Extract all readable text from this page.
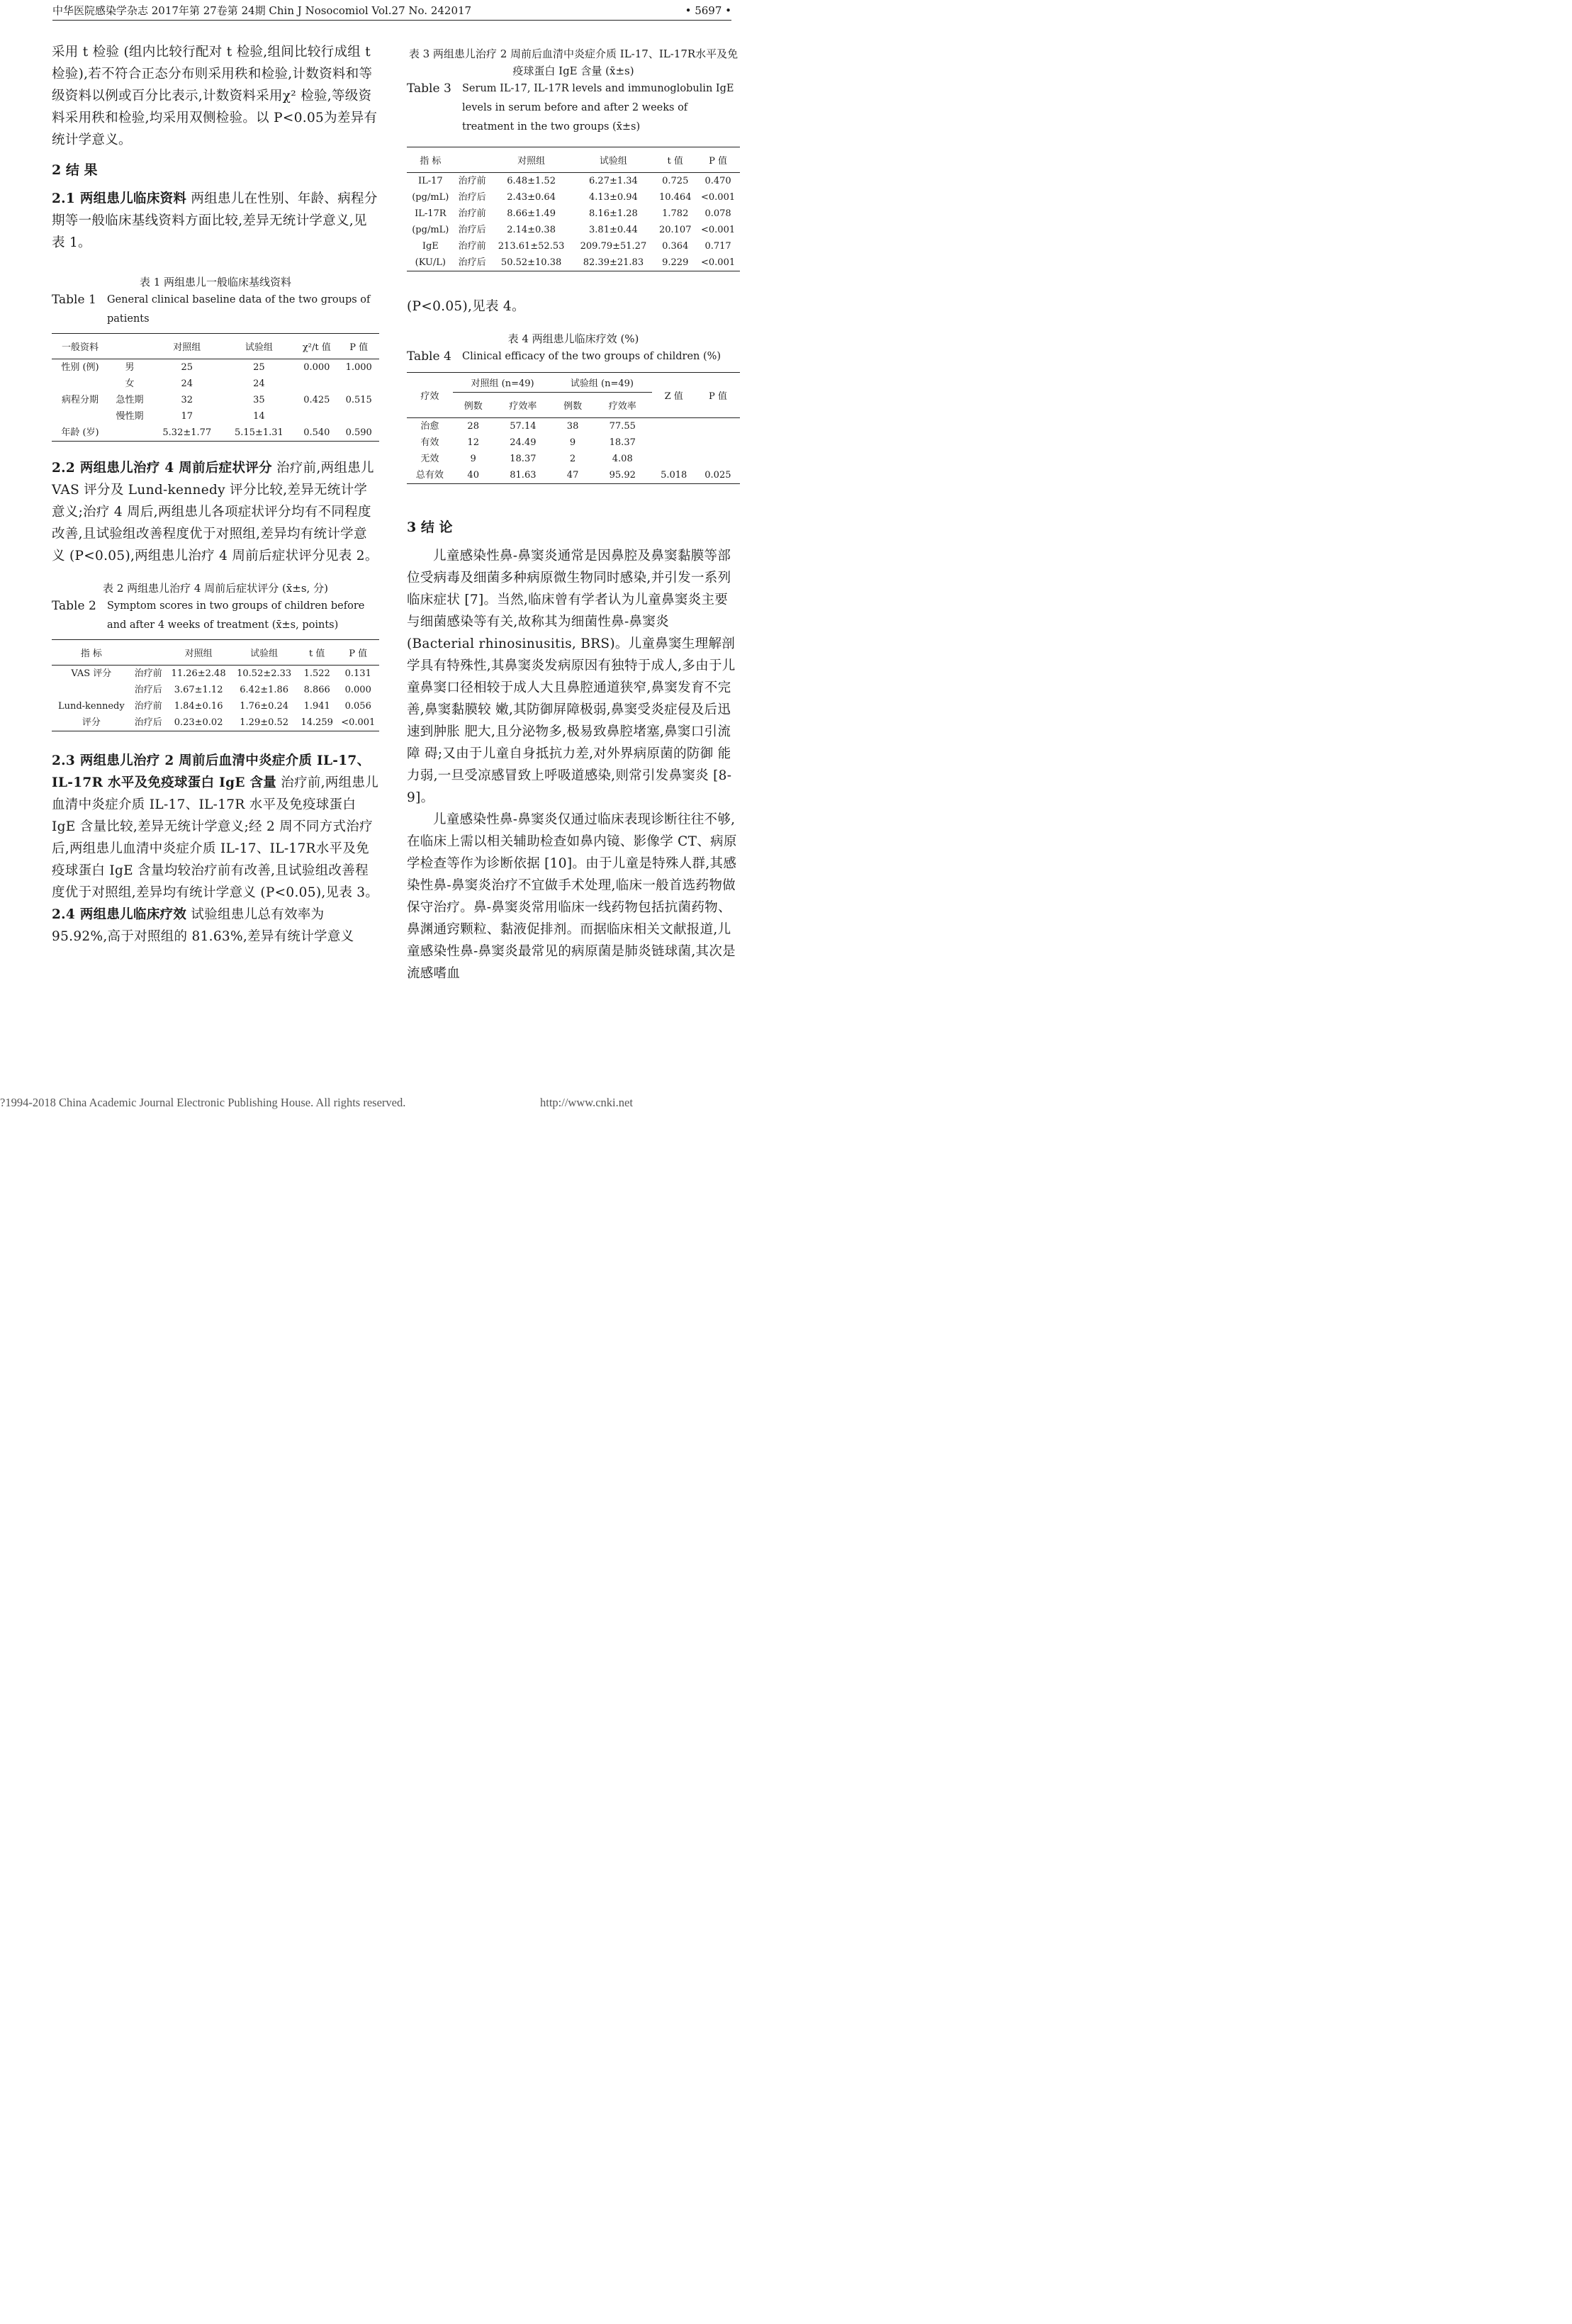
中华医院感染学杂志 2017年第 27卷第 24期 Chin J Nosocomiol Vol.27 No. 242017	• 5697 •

采用 t 检验 (组内比较行配对 t 检验,组间比较行成组 t 检验),若不符合正态分布则采用秩和检验,计数资料和等级资料以例或百分比表示,计数资料采用χ² 检验,等级资料采用秩和检验,均采用双侧检验。以 P<0.05为差异有统计学意义。

2 结 果

2.1 两组患儿临床资料 两组患儿在性别、年龄、病程分期等一般临床基线资料方面比较,差异无统计学意义,见表 1。

表 1 两组患儿一般临床基线资料
Table 1 General clinical baseline data of the two groups of patients
一般资料		对照组	试验组	χ²/t 值	P 值
性别 (例)	男	25	25	0.000	1.000
	女	24	24		
病程分期	急性期	32	35	0.425	0.515
	慢性期	17	14		
年龄 (岁)		5.32±1.77	5.15±1.31	0.540	0.590

2.2 两组患儿治疗 4 周前后症状评分 治疗前,两组患儿 VAS 评分及 Lund-kennedy 评分比较,差异无统计学意义;治疗 4 周后,两组患儿各项症状评分均有不同程度改善,且试验组改善程度优于对照组,差异均有统计学意义 (P<0.05),两组患儿治疗 4 周前后症状评分见表 2。

表 2 两组患儿治疗 4 周前后症状评分 (x̄±s, 分)
Table 2 Symptom scores in two groups of children before and after 4 weeks of treatment (x̄±s, points)
指 标		对照组	试验组	t 值	P 值
VAS 评分	治疗前	11.26±2.48	10.52±2.33	1.522	0.131
	治疗后	3.67±1.12	6.42±1.86	8.866	0.000
Lund-kennedy	治疗前	1.84±0.16	1.76±0.24	1.941	0.056
评分	治疗后	0.23±0.02	1.29±0.52	14.259	<0.001

2.3 两组患儿治疗 2 周前后血清中炎症介质 IL-17、IL-17R 水平及免疫球蛋白 IgE 含量 治疗前,两组患儿血清中炎症介质 IL-17、IL-17R 水平及免疫球蛋白 IgE 含量比较,差异无统计学意义;经 2 周不同方式治疗后,两组患儿血清中炎症介质 IL-17、IL-17R水平及免疫球蛋白 IgE 含量均较治疗前有改善,且试验组改善程度优于对照组,差异均有统计学意义 (P<0.05),见表 3。

2.4 两组患儿临床疗效 试验组患儿总有效率为 95.92%,高于对照组的 81.63%,差异有统计学意义

表 3 两组患儿治疗 2 周前后血清中炎症介质 IL-17、IL-17R水平及免疫球蛋白 IgE 含量 (x̄±s)
Table 3 Serum IL-17, IL-17R levels and immunoglobulin IgE levels in serum before and after 2 weeks of treatment in the two groups (x̄±s)
指 标		对照组	试验组	t 值	P 值
IL-17	治疗前	6.48±1.52	6.27±1.34	0.725	0.470
(pg/mL)	治疗后	2.43±0.64	4.13±0.94	10.464	<0.001
IL-17R	治疗前	8.66±1.49	8.16±1.28	1.782	0.078
(pg/mL)	治疗后	2.14±0.38	3.81±0.44	20.107	<0.001
IgE	治疗前	213.61±52.53	209.79±51.27	0.364	0.717
(KU/L)	治疗后	50.52±10.38	82.39±21.83	9.229	<0.001

(P<0.05),见表 4。

表 4 两组患儿临床疗效 (%)
Table 4 Clinical efficacy of the two groups of children (%)
疗效	对照组 (n=49)		试验组 (n=49)		Z 值	P 值
	例数	疗效率	例数	疗效率		
治愈	28	57.14	38	77.55		
有效	12	24.49	9	18.37		
无效	9	18.37	2	4.08		
总有效	40	81.63	47	95.92	5.018	0.025
3 结 论

儿童感染性鼻-鼻窦炎通常是因鼻腔及鼻窦黏膜等部位受病毒及细菌多种病原微生物同时感染,并引发一系列临床症状 [7]。当然,临床曾有学者认为儿童鼻窦炎主要与细菌感染等有关,故称其为细菌性鼻-鼻窦炎 (Bacterial rhinosinusitis, BRS)。儿童鼻窦生理解剖学具有特殊性,其鼻窦炎发病原因有独特于成人,多由于儿童鼻窦口径相较于成人大且鼻腔通道狭窄,鼻窦发育不完善,鼻窦黏膜较 嫩,其防御屏障极弱,鼻窦受炎症侵及后迅速到肿胀 肥大,且分泌物多,极易致鼻腔堵塞,鼻窦口引流障 碍;又由于儿童自身抵抗力差,对外界病原菌的防御 能力弱,一旦受凉感冒致上呼吸道感染,则常引发鼻窦炎 [8-9]。

儿童感染性鼻-鼻窦炎仅通过临床表现诊断往往不够,在临床上需以相关辅助检查如鼻内镜、影像学 CT、病原学检查等作为诊断依据 [10]。由于儿童是特殊人群,其感染性鼻-鼻窦炎治疗不宜做手术处理,临床一般首选药物做保守治疗。鼻-鼻窦炎常用临床一线药物包括抗菌药物、鼻渊通窍颗粒、黏液促排剂。而据临床相关文献报道,儿童感染性鼻-鼻窦炎最常见的病原菌是肺炎链球菌,其次是流感嗜血

?1994-2018 China Academic Journal Electronic Publishing House. All rights reserved.	http://www.cnki.net
